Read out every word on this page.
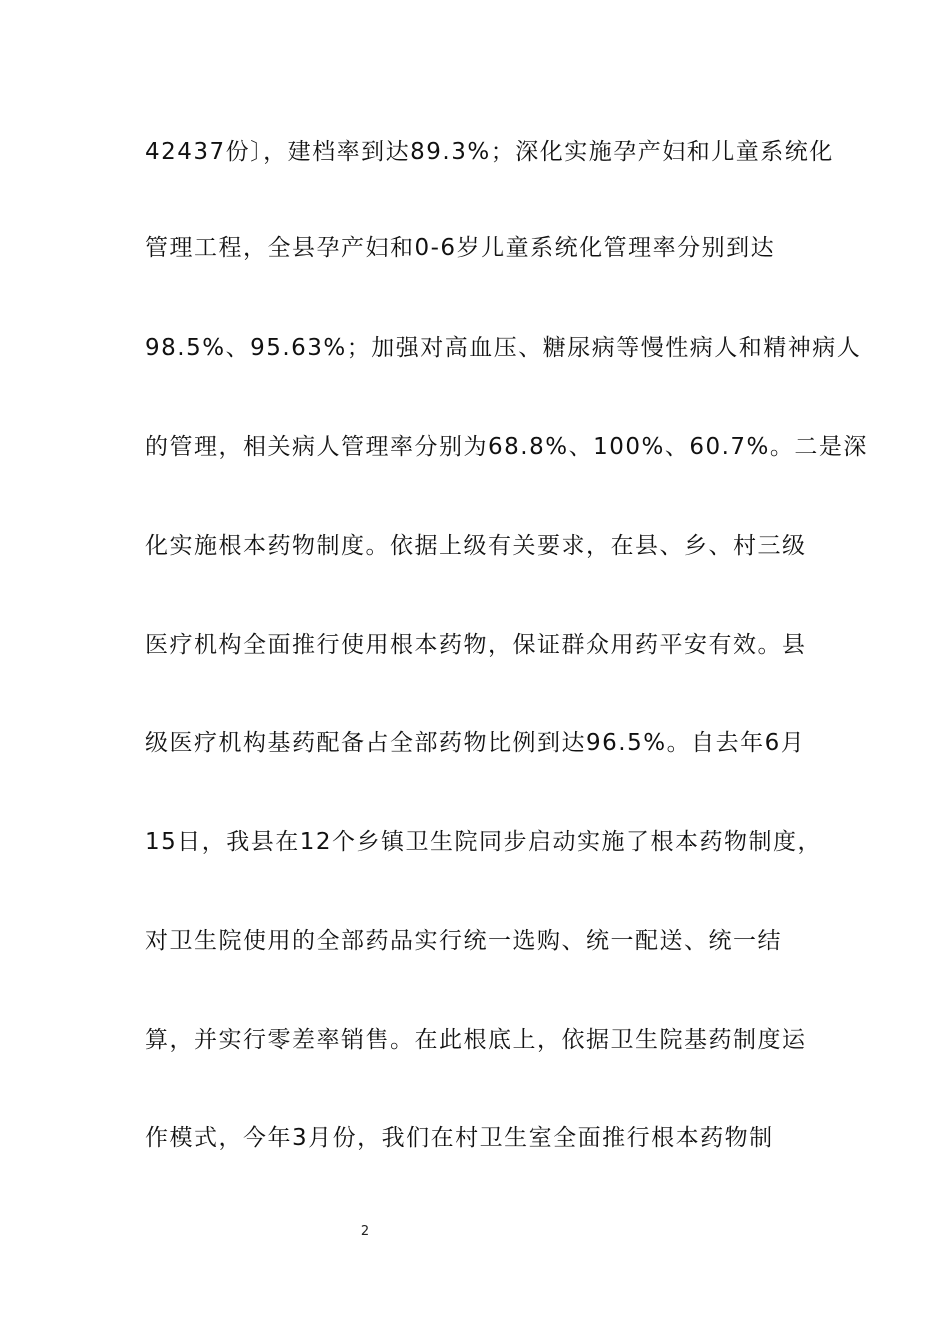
42437份〕，建档率到达89.3%；深化实施孕产妇和儿童系统化
管理工程，全县孕产妇和0-6岁儿童系统化管理率分别到达
98.5%、95.63%；加强对高血压、糖尿病等慢性病人和精神病人
的管理，相关病人管理率分别为68.8%、100%、60.7%。二是深
化实施根本药物制度。依据上级有关要求，在县、乡、村三级
医疗机构全面推行使用根本药物，保证群众用药平安有效。县
级医疗机构基药配备占全部药物比例到达96.5%。自去年6月
15日，我县在12个乡镇卫生院同步启动实施了根本药物制度，
对卫生院使用的全部药品实行统一选购、统一配送、统一结
算，并实行零差率销售。在此根底上，依据卫生院基药制度运
作模式，今年3月份，我们在村卫生室全面推行根本药物制
2
